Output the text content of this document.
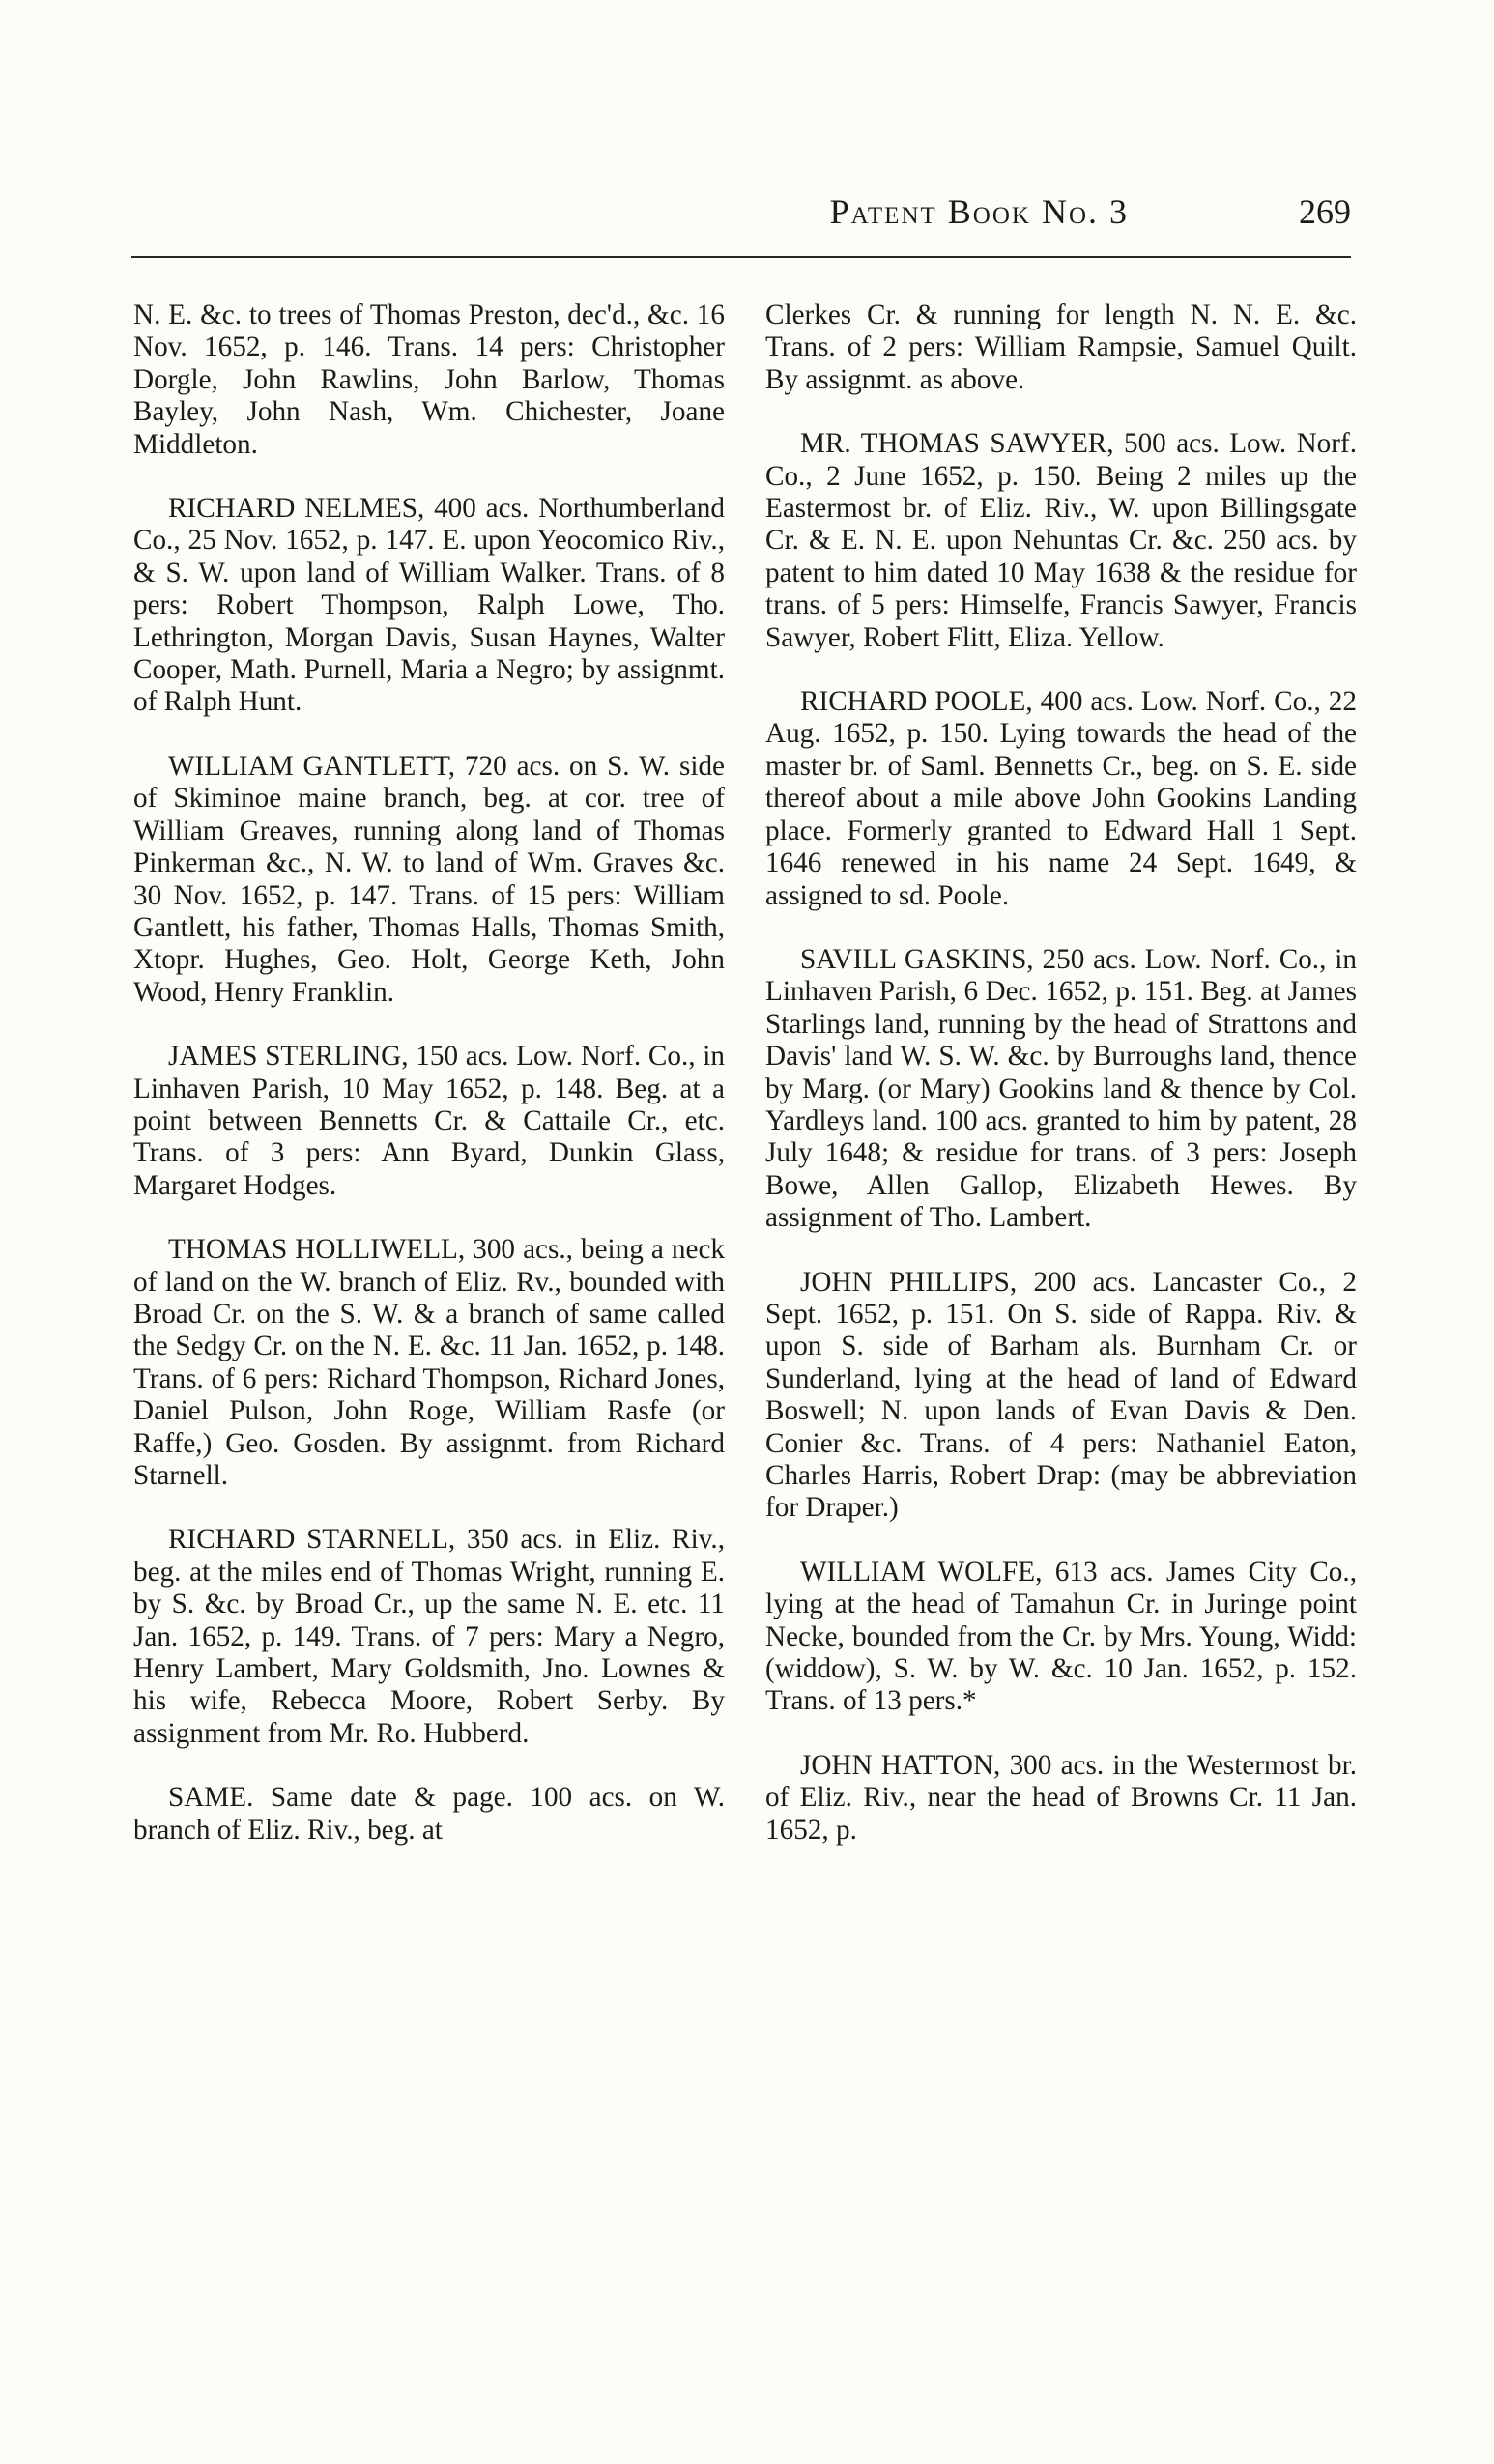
Patent Book No. 3	269

N. E. &c. to trees of Thomas Preston, dec'd., &c. 16 Nov. 1652, p. 146. Trans. 14 pers: Christopher Dorgle, John Rawlins, John Barlow, Thomas Bayley, John Nash, Wm. Chichester, Joane Middleton.

RICHARD NELMES, 400 acs. Northumberland Co., 25 Nov. 1652, p. 147. E. upon Yeocomico Riv., & S. W. upon land of William Walker. Trans. of 8 pers: Robert Thompson, Ralph Lowe, Tho. Lethrington, Morgan Davis, Susan Haynes, Walter Cooper, Math. Purnell, Maria a Negro; by assignmt. of Ralph Hunt.

WILLIAM GANTLETT, 720 acs. on S. W. side of Skiminoe maine branch, beg. at cor. tree of William Greaves, running along land of Thomas Pinkerman &c., N. W. to land of Wm. Graves &c. 30 Nov. 1652, p. 147. Trans. of 15 pers: William Gantlett, his father, Thomas Halls, Thomas Smith, Xtopr. Hughes, Geo. Holt, George Keth, John Wood, Henry Franklin.

JAMES STERLING, 150 acs. Low. Norf. Co., in Linhaven Parish, 10 May 1652, p. 148. Beg. at a point between Bennetts Cr. & Cattaile Cr., etc. Trans. of 3 pers: Ann Byard, Dunkin Glass, Margaret Hodges.

THOMAS HOLLIWELL, 300 acs., being a neck of land on the W. branch of Eliz. Rv., bounded with Broad Cr. on the S. W. & a branch of same called the Sedgy Cr. on the N. E. &c. 11 Jan. 1652, p. 148. Trans. of 6 pers: Richard Thompson, Richard Jones, Daniel Pulson, John Roge, William Rasfe (or Raffe,) Geo. Gosden. By assignmt. from Richard Starnell.

RICHARD STARNELL, 350 acs. in Eliz. Riv., beg. at the miles end of Thomas Wright, running E. by S. &c. by Broad Cr., up the same N. E. etc. 11 Jan. 1652, p. 149. Trans. of 7 pers: Mary a Negro, Henry Lambert, Mary Goldsmith, Jno. Lownes & his wife, Rebecca Moore, Robert Serby. By assignment from Mr. Ro. Hubberd.

SAME. Same date & page. 100 acs. on W. branch of Eliz. Riv., beg. at

Clerkes Cr. & running for length N. N. E. &c. Trans. of 2 pers: William Rampsie, Samuel Quilt. By assignmt. as above.

MR. THOMAS SAWYER, 500 acs. Low. Norf. Co., 2 June 1652, p. 150. Being 2 miles up the Eastermost br. of Eliz. Riv., W. upon Billingsgate Cr. & E. N. E. upon Nehuntas Cr. &c. 250 acs. by patent to him dated 10 May 1638 & the residue for trans. of 5 pers: Himselfe, Francis Sawyer, Francis Sawyer, Robert Flitt, Eliza. Yellow.

RICHARD POOLE, 400 acs. Low. Norf. Co., 22 Aug. 1652, p. 150. Lying towards the head of the master br. of Saml. Bennetts Cr., beg. on S. E. side thereof about a mile above John Gookins Landing place. Formerly granted to Edward Hall 1 Sept. 1646 renewed in his name 24 Sept. 1649, & assigned to sd. Poole.

SAVILL GASKINS, 250 acs. Low. Norf. Co., in Linhaven Parish, 6 Dec. 1652, p. 151. Beg. at James Starlings land, running by the head of Strattons and Davis' land W. S. W. &c. by Burroughs land, thence by Marg. (or Mary) Gookins land & thence by Col. Yardleys land. 100 acs. granted to him by patent, 28 July 1648; & residue for trans. of 3 pers: Joseph Bowe, Allen Gallop, Elizabeth Hewes. By assignment of Tho. Lambert.

JOHN PHILLIPS, 200 acs. Lancaster Co., 2 Sept. 1652, p. 151. On S. side of Rappa. Riv. & upon S. side of Barham als. Burnham Cr. or Sunderland, lying at the head of land of Edward Boswell; N. upon lands of Evan Davis & Den. Conier &c. Trans. of 4 pers: Nathaniel Eaton, Charles Harris, Robert Drap: (may be abbreviation for Draper.)

WILLIAM WOLFE, 613 acs. James City Co., lying at the head of Tamahun Cr. in Juringe point Necke, bounded from the Cr. by Mrs. Young, Widd: (widdow), S. W. by W. &c. 10 Jan. 1652, p. 152. Trans. of 13 pers.*

JOHN HATTON, 300 acs. in the Westermost br. of Eliz. Riv., near the head of Browns Cr. 11 Jan. 1652, p.
